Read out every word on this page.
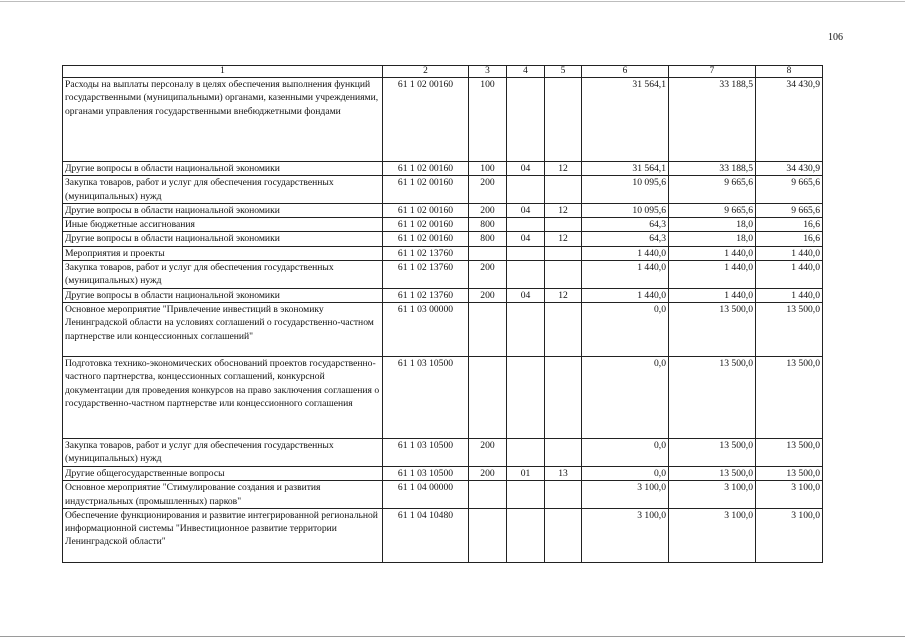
106
1	2	3	4	5	6	7	8
Расходы на выплаты персоналу в целях обеспечения выполнения функций государственными (муниципальными) органами, казенными учреждениями, органами управления государственными внебюджетными фондами	61 1 02 00160	100			31 564,1	33 188,5	34 430,9
Другие вопросы в области национальной экономики	61 1 02 00160	100	04	12	31 564,1	33 188,5	34 430,9
Закупка товаров, работ и услуг для обеспечения государственных (муниципальных) нужд	61 1 02 00160	200			10 095,6	9 665,6	9 665,6
Другие вопросы в области национальной экономики	61 1 02 00160	200	04	12	10 095,6	9 665,6	9 665,6
Иные бюджетные ассигнования	61 1 02 00160	800			64,3	18,0	16,6
Другие вопросы в области национальной экономики	61 1 02 00160	800	04	12	64,3	18,0	16,6
Мероприятия и проекты	61 1 02 13760				1 440,0	1 440,0	1 440,0
Закупка товаров, работ и услуг для обеспечения государственных (муниципальных) нужд	61 1 02 13760	200			1 440,0	1 440,0	1 440,0
Другие вопросы в области национальной экономики	61 1 02 13760	200	04	12	1 440,0	1 440,0	1 440,0
Основное мероприятие "Привлечение инвестиций в экономику Ленинградской области на условиях соглашений о государственно-частном партнерстве или концессионных соглашений"	61 1 03 00000				0,0	13 500,0	13 500,0
Подготовка технико-экономических обоснований проектов государственно-частного партнерства, концессионных соглашений, конкурсной документации для проведения конкурсов на право заключения соглашения о государственно-частном партнерстве или концессионного соглашения	61 1 03 10500				0,0	13 500,0	13 500,0
Закупка товаров, работ и услуг для обеспечения государственных (муниципальных) нужд	61 1 03 10500	200			0,0	13 500,0	13 500,0
Другие общегосударственные вопросы	61 1 03 10500	200	01	13	0,0	13 500,0	13 500,0
Основное мероприятие "Стимулирование создания и развития индустриальных (промышленных) парков"	61 1 04 00000				3 100,0	3 100,0	3 100,0
Обеспечение функционирования и развитие интегрированной региональной информационной системы "Инвестиционное развитие территории Ленинградской области"	61 1 04 10480				3 100,0	3 100,0	3 100,0
